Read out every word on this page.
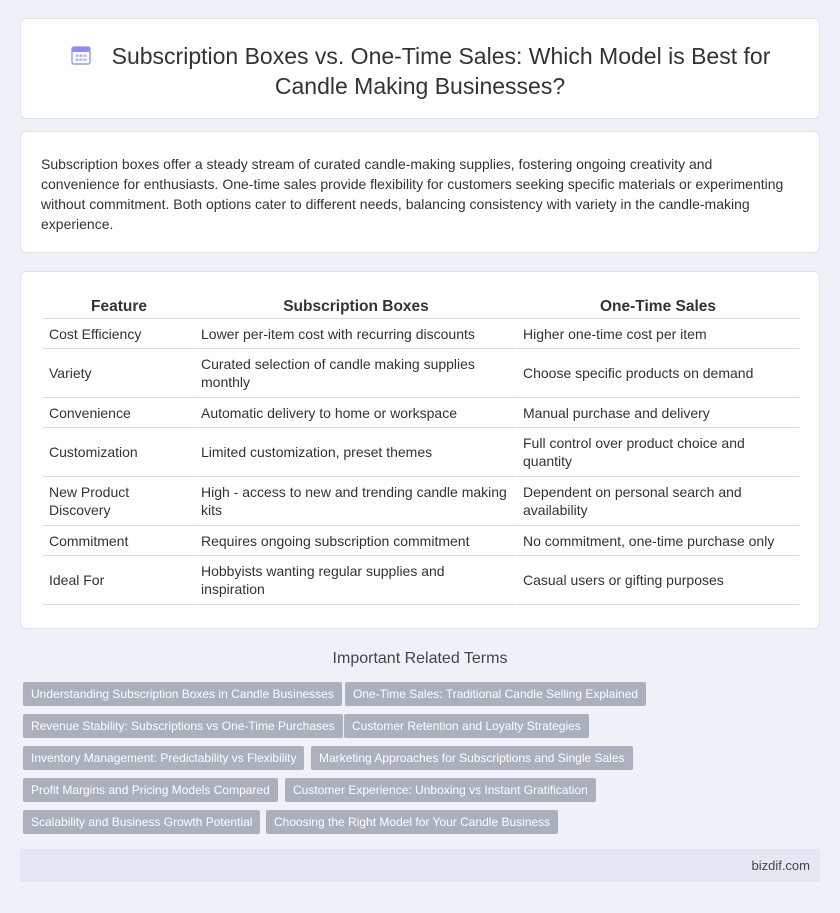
Subscription Boxes vs. One-Time Sales: Which Model is Best for
Candle Making Businesses?

Subscription boxes offer a steady stream of curated candle-making supplies, fostering ongoing creativity and convenience for enthusiasts. One-time sales provide flexibility for customers seeking specific materials or experimenting without commitment. Both options cater to different needs, balancing consistency with variety in the candle-making experience.

Feature	Subscription Boxes	One-Time Sales
Cost Efficiency	Lower per-item cost with recurring discounts	Higher one-time cost per item
Variety	Curated selection of candle making supplies monthly	Choose specific products on demand
Convenience	Automatic delivery to home or workspace	Manual purchase and delivery
Customization	Limited customization, preset themes	Full control over product choice and quantity
New Product Discovery	High - access to new and trending candle making kits	Dependent on personal search and availability
Commitment	Requires ongoing subscription commitment	No commitment, one-time purchase only
Ideal For	Hobbyists wanting regular supplies and inspiration	Casual users or gifting purposes
Important Related Terms
Understanding Subscription Boxes in Candle Businesses	One-Time Sales: Traditional Candle Selling Explained
Revenue Stability: Subscriptions vs One-Time Purchases	Customer Retention and Loyalty Strategies
Inventory Management: Predictability vs Flexibility	Marketing Approaches for Subscriptions and Single Sales
Profit Margins and Pricing Models Compared	Customer Experience: Unboxing vs Instant Gratification
Scalability and Business Growth Potential	Choosing the Right Model for Your Candle Business
bizdif.com
